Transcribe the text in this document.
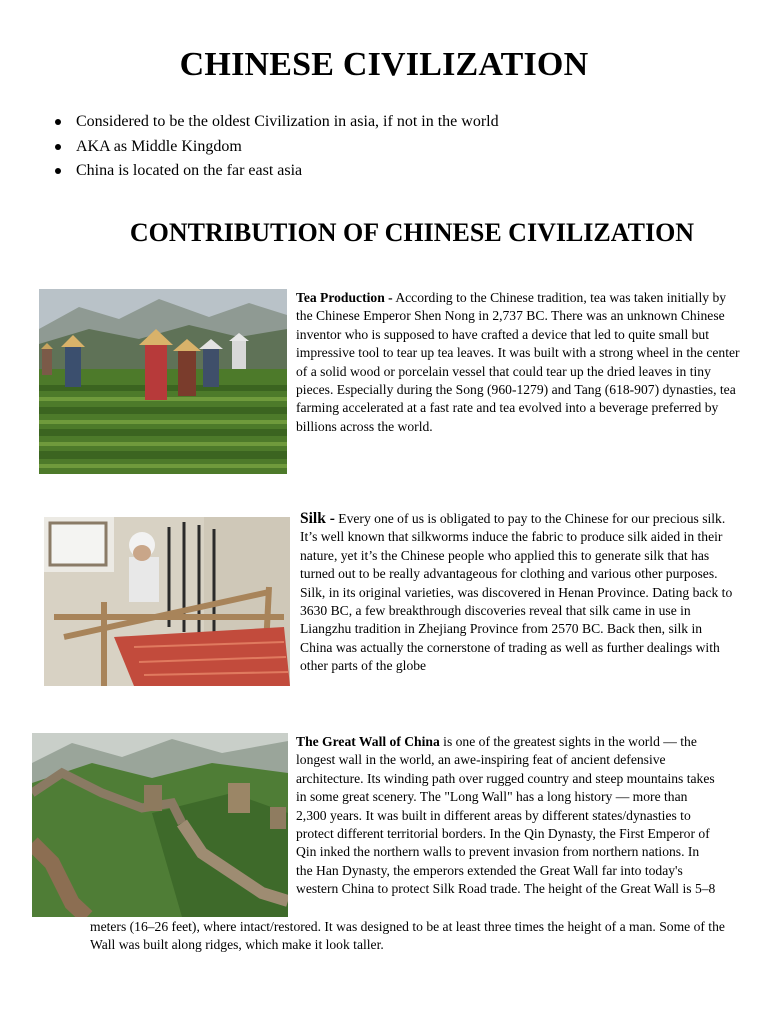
CHINESE CIVILIZATION
Considered to be the oldest Civilization in asia, if not in the world
AKA as Middle Kingdom
China is located on the far east asia
CONTRIBUTION OF CHINESE CIVILIZATION
Tea Production - According to the Chinese tradition, tea was taken initially by the Chinese Emperor Shen Nong in 2,737 BC. There was an unknown Chinese inventor who is supposed to have crafted a device that led to quite small but impressive tool to tear up tea leaves. It was built with a strong wheel in the center of a solid wood or porcelain vessel that could tear up the dried leaves in tiny pieces. Especially during the Song (960-1279) and Tang (618-907) dynasties, tea farming accelerated at a fast rate and tea evolved into a beverage preferred by billions across the world.
Silk - Every one of us is obligated to pay to the Chinese for our precious silk. It’s well known that silkworms induce the fabric to produce silk aided in their nature, yet it’s the Chinese people who applied this to generate silk that has turned out to be really advantageous for clothing and various other purposes. Silk, in its original varieties, was discovered in Henan Province. Dating back to 3630 BC, a few breakthrough discoveries reveal that silk came in use in Liangzhu tradition in Zhejiang Province from 2570 BC. Back then, silk in China was actually the cornerstone of trading as well as further dealings with other parts of the globe
The Great Wall of China is one of the greatest sights in the world — the longest wall in the world, an awe-inspiring feat of ancient defensive architecture. Its winding path over rugged country and steep mountains takes in some great scenery. The "Long Wall" has a long history — more than 2,300 years. It was built in different areas by different states/dynasties to protect different territorial borders. In the Qin Dynasty, the First Emperor of Qin inked the northern walls to prevent invasion from northern nations. In the Han Dynasty, the emperors extended the Great Wall far into today's western China to protect Silk Road trade. The height of the Great Wall is 5–8
meters (16–26 feet), where intact/restored. It was designed to be at least three times the height of a man. Some of the Wall was built along ridges, which make it look taller.
